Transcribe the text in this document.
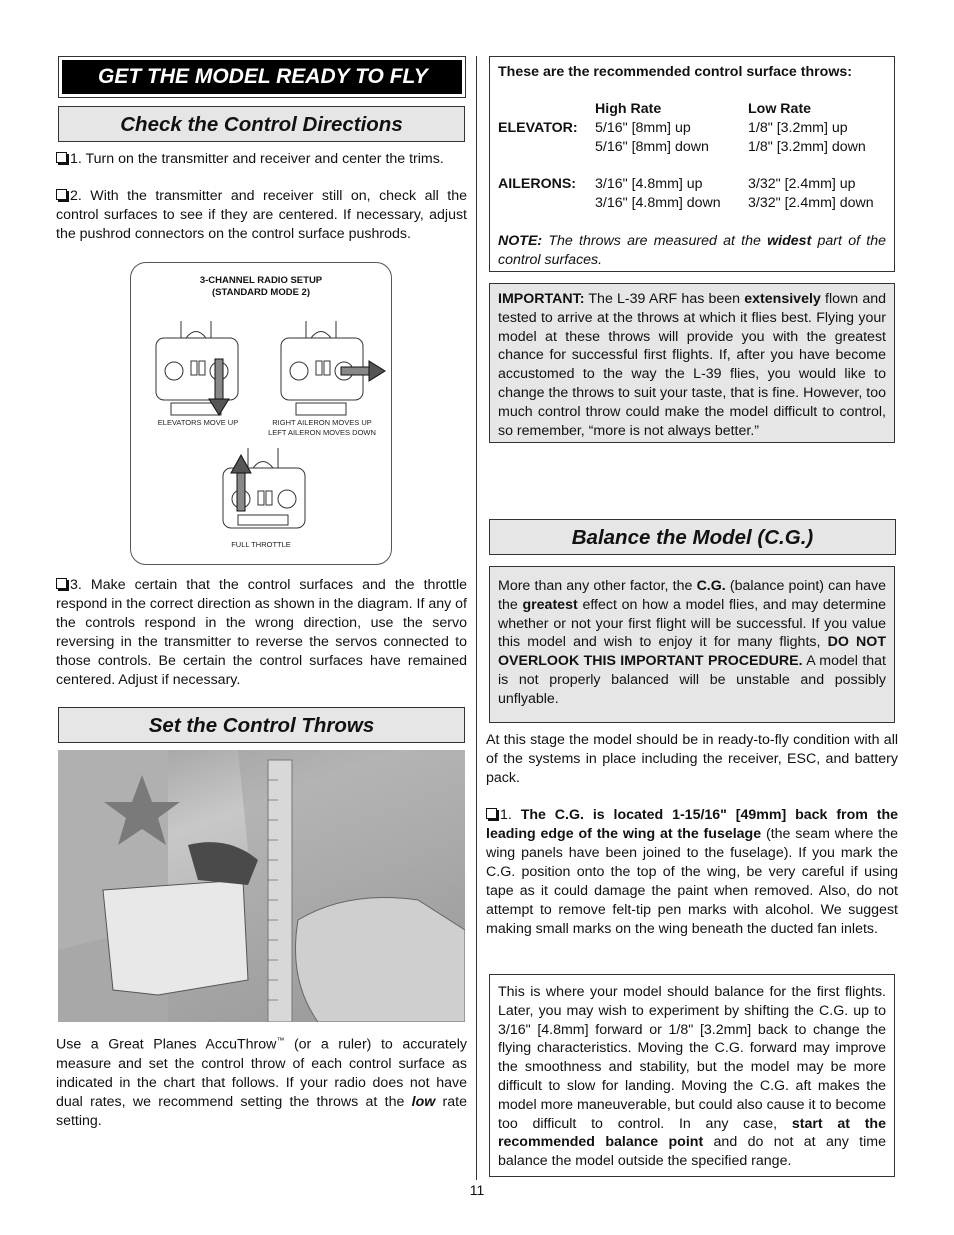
GET THE MODEL READY TO FLY
Check the Control Directions
1. Turn on the transmitter and receiver and center the trims.
2. With the transmitter and receiver still on, check all the control surfaces to see if they are centered. If necessary, adjust the pushrod connectors on the control surface pushrods.
3-CHANNEL RADIO SETUP
(STANDARD MODE 2)
ELEVATORS MOVE UP	RIGHT AILERON MOVES UP
LEFT AILERON MOVES DOWN
FULL THROTTLE
3. Make certain that the control surfaces and the throttle respond in the correct direction as shown in the diagram. If any of the controls respond in the wrong direction, use the servo reversing in the transmitter to reverse the servos connected to those controls. Be certain the control surfaces have remained centered. Adjust if necessary.
Set the Control Throws
Use a Great Planes AccuThrow™ (or a ruler) to accurately measure and set the control throw of each control surface as indicated in the chart that follows. If your radio does not have dual rates, we recommend setting the throws at the low rate setting.
These are the recommended control surface throws:
	High Rate	Low Rate
ELEVATOR:	5/16" [8mm] up	1/8" [3.2mm] up
	5/16" [8mm] down	1/8" [3.2mm] down

AILERONS:	3/16" [4.8mm] up	3/32" [2.4mm] up
	3/16" [4.8mm] down	3/32" [2.4mm] down
NOTE: The throws are measured at the widest part of the control surfaces.
IMPORTANT: The L-39 ARF has been extensively flown and tested to arrive at the throws at which it flies best. Flying your model at these throws will provide you with the greatest chance for successful first flights. If, after you have become accustomed to the way the L-39 flies, you would like to change the throws to suit your taste, that is fine. However, too much control throw could make the model difficult to control, so remember, “more is not always better.”
Balance the Model (C.G.)
More than any other factor, the C.G. (balance point) can have the greatest effect on how a model flies, and may determine whether or not your first flight will be successful. If you value this model and wish to enjoy it for many flights, DO NOT OVERLOOK THIS IMPORTANT PROCEDURE. A model that is not properly balanced will be unstable and possibly unflyable.
At this stage the model should be in ready-to-fly condition with all of the systems in place including the receiver, ESC, and battery pack.
1. The C.G. is located 1-15/16" [49mm] back from the leading edge of the wing at the fuselage (the seam where the wing panels have been joined to the fuselage). If you mark the C.G. position onto the top of the wing, be very careful if using tape as it could damage the paint when removed. Also, do not attempt to remove felt-tip pen marks with alcohol. We suggest making small marks on the wing beneath the ducted fan inlets.
This is where your model should balance for the first flights. Later, you may wish to experiment by shifting the C.G. up to 3/16" [4.8mm] forward or 1/8" [3.2mm] back to change the flying characteristics. Moving the C.G. forward may improve the smoothness and stability, but the model may be more difficult to slow for landing. Moving the C.G. aft makes the model more maneuverable, but could also cause it to become too difficult to control. In any case, start at the recommended balance point and do not at any time balance the model outside the specified range.
11
